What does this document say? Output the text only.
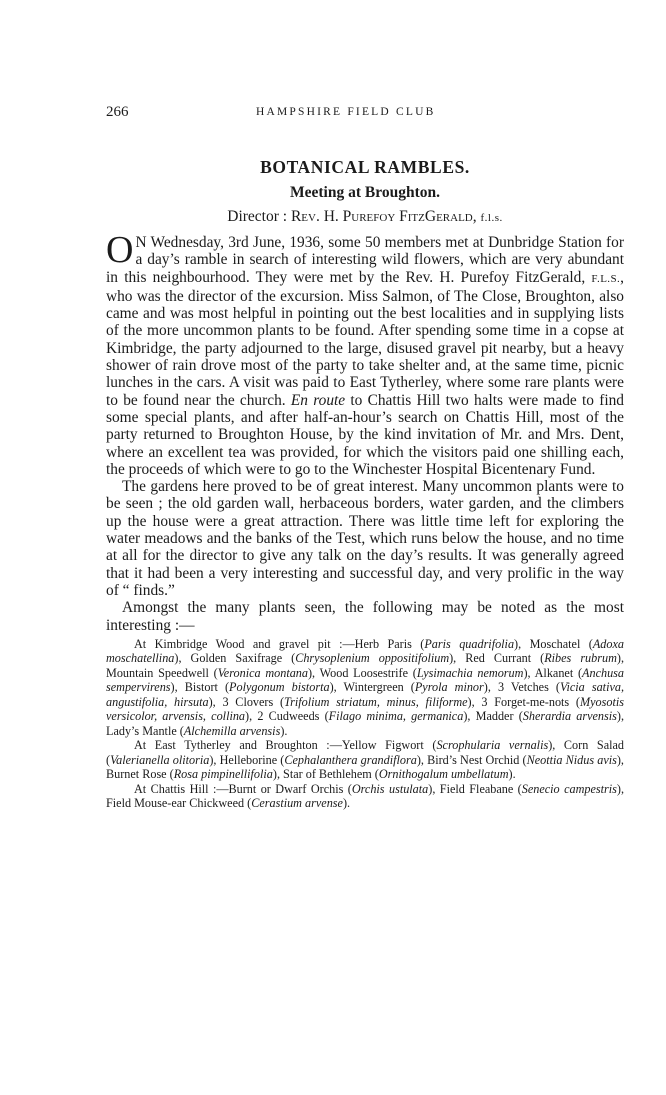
266	HAMPSHIRE FIELD CLUB
BOTANICAL RAMBLES.
Meeting at Broughton.
Director : Rev. H. Purefoy FitzGerald, f.l.s.

O N Wednesday, 3rd June, 1936, some 50 members met at Dunbridge Station for a day’s ramble in search of interesting wild flowers, which are very abundant in this neighbourhood. They were met by the Rev. H. Purefoy FitzGerald, F.L.S., who was the director of the excursion. Miss Salmon, of The Close, Broughton, also came and was most helpful in pointing out the best localities and in supplying lists of the more uncommon plants to be found. After spending some time in a copse at Kimbridge, the party adjourned to the large, disused gravel pit nearby, but a heavy shower of rain drove most of the party to take shelter and, at the same time, picnic lunches in the cars. A visit was paid to East Tytherley, where some rare plants were to be found near the church. En route to Chattis Hill two halts were made to find some special plants, and after half-an-hour’s search on Chattis Hill, most of the party returned to Broughton House, by the kind invitation of Mr. and Mrs. Dent, where an excellent tea was provided, for which the visitors paid one shilling each, the proceeds of which were to go to the Winchester Hospital Bicentenary Fund.

The gardens here proved to be of great interest. Many uncommon plants were to be seen ; the old garden wall, herbaceous borders, water garden, and the climbers up the house were a great attraction. There was little time left for exploring the water meadows and the banks of the Test, which runs below the house, and no time at all for the director to give any talk on the day’s results. It was generally agreed that it had been a very interesting and successful day, and very prolific in the way of “ finds.”

Amongst the many plants seen, the following may be noted as the most interesting :—

At Kimbridge Wood and gravel pit :—Herb Paris (Paris quadrifolia), Moschatel (Adoxa moschatellina), Golden Saxifrage (Chrysoplenium oppositifolium), Red Currant (Ribes rubrum), Mountain Speedwell (Veronica montana), Wood Loosestrife (Lysimachia nemorum), Alkanet (Anchusa sempervirens), Bistort (Polygonum bistorta), Wintergreen (Pyrola minor), 3 Vetches (Vicia sativa, angustifolia, hirsuta), 3 Clovers (Trifolium striatum, minus, filiforme), 3 Forget-me-nots (Myosotis versicolor, arvensis, collina), 2 Cudweeds (Filago minima, germanica), Madder (Sherardia arvensis), Lady’s Mantle (Alchemilla arvensis).

At East Tytherley and Broughton :—Yellow Figwort (Scrophularia vernalis), Corn Salad (Valerianella olitoria), Helleborine (Cephalanthera grandiflora), Bird’s Nest Orchid (Neottia Nidus avis), Burnet Rose (Rosa pimpinellifolia), Star of Bethlehem (Ornithogalum umbellatum).

At Chattis Hill :—Burnt or Dwarf Orchis (Orchis ustulata), Field Fleabane (Senecio campestris), Field Mouse-ear Chickweed (Cerastium arvense).
